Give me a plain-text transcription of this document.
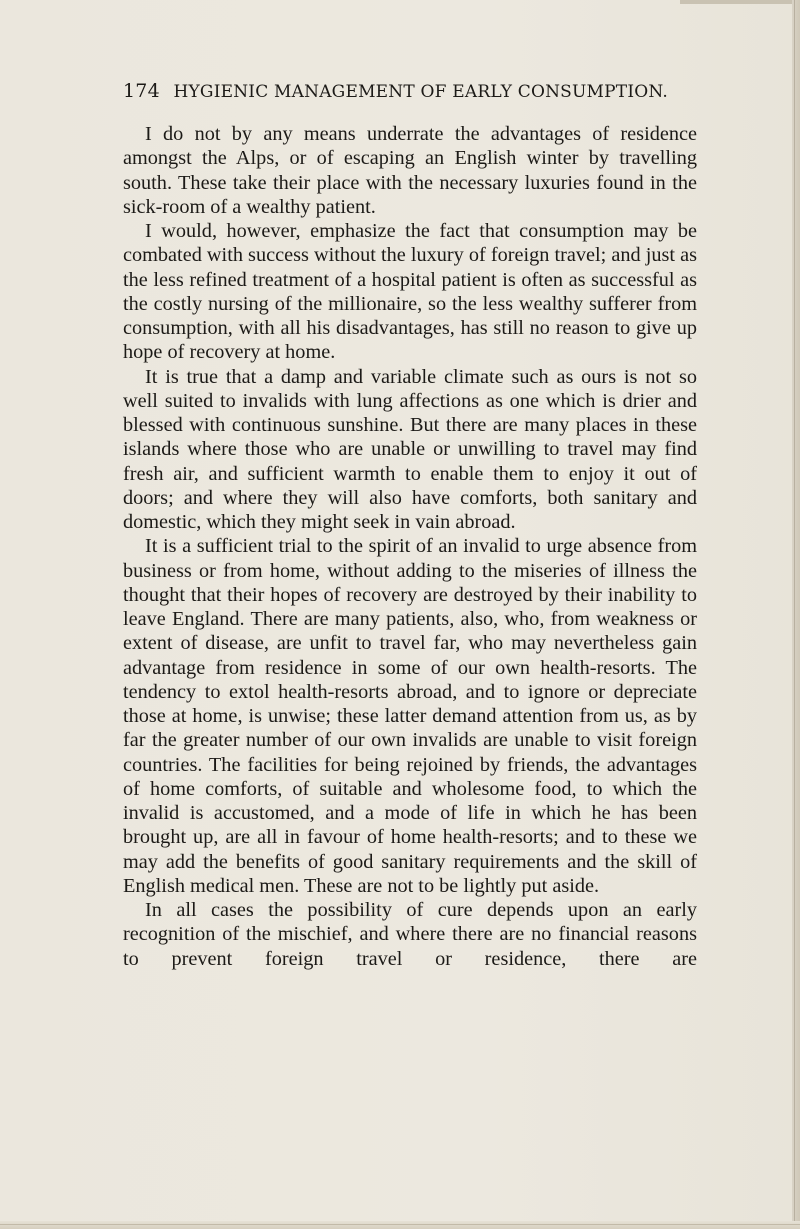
174 HYGIENIC MANAGEMENT OF EARLY CONSUMPTION.

I do not by any means underrate the advantages of residence amongst the Alps, or of escaping an English winter by travelling south. These take their place with the necessary luxuries found in the sick-room of a wealthy patient.

I would, however, emphasize the fact that consumption may be combated with success without the luxury of foreign travel; and just as the less refined treatment of a hospital patient is often as successful as the costly nursing of the millionaire, so the less wealthy sufferer from consumption, with all his disadvantages, has still no reason to give up hope of recovery at home.

It is true that a damp and variable climate such as ours is not so well suited to invalids with lung affections as one which is drier and blessed with continuous sunshine. But there are many places in these islands where those who are unable or unwilling to travel may find fresh air, and sufficient warmth to enable them to enjoy it out of doors; and where they will also have comforts, both sanitary and domestic, which they might seek in vain abroad.

It is a sufficient trial to the spirit of an invalid to urge absence from business or from home, without adding to the miseries of illness the thought that their hopes of recovery are destroyed by their inability to leave England. There are many patients, also, who, from weakness or extent of disease, are unfit to travel far, who may nevertheless gain advantage from residence in some of our own health-resorts. The tendency to extol health-resorts abroad, and to ignore or depreciate those at home, is unwise; these latter demand attention from us, as by far the greater number of our own invalids are unable to visit foreign countries. The facilities for being rejoined by friends, the advantages of home comforts, of suitable and wholesome food, to which the invalid is accustomed, and a mode of life in which he has been brought up, are all in favour of home health-resorts; and to these we may add the benefits of good sanitary requirements and the skill of English medical men. These are not to be lightly put aside.

In all cases the possibility of cure depends upon an early recognition of the mischief, and where there are no financial reasons to prevent foreign travel or residence, there are
